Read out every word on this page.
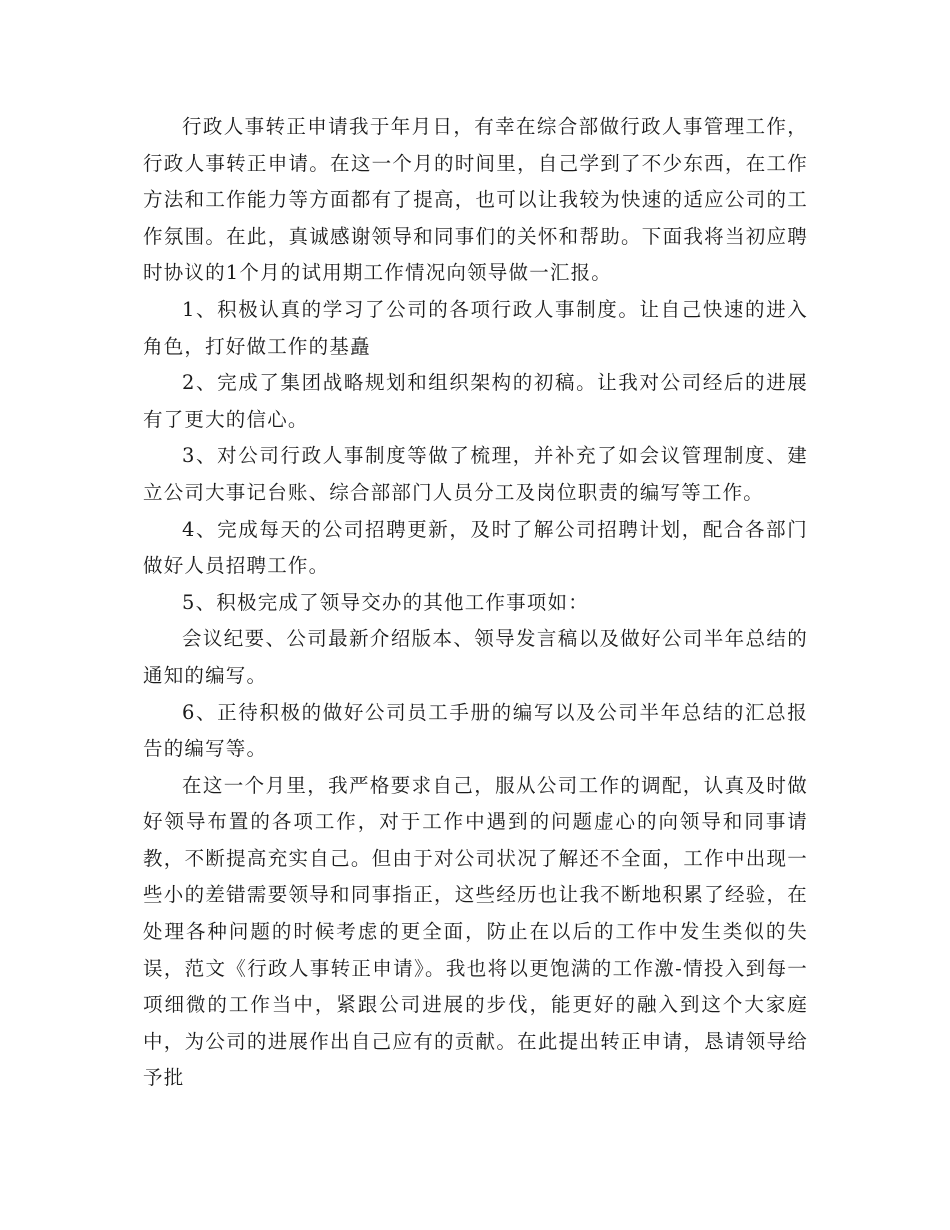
行政人事转正申请我于年月日，有幸在综合部做行政人事管理工作，行政人事转正申请。在这一个月的时间里，自己学到了不少东西，在工作方法和工作能力等方面都有了提高，也可以让我较为快速的适应公司的工作氛围。在此，真诚感谢领导和同事们的关怀和帮助。下面我将当初应聘时协议的1个月的试用期工作情况向领导做一汇报。

1、积极认真的学习了公司的各项行政人事制度。让自己快速的进入角色，打好做工作的基矗

2、完成了集团战略规划和组织架构的初稿。让我对公司经后的进展有了更大的信心。

3、对公司行政人事制度等做了梳理，并补充了如会议管理制度、建立公司大事记台账、综合部部门人员分工及岗位职责的编写等工作。

4、完成每天的公司招聘更新，及时了解公司招聘计划，配合各部门做好人员招聘工作。

5、积极完成了领导交办的其他工作事项如：

会议纪要、公司最新介绍版本、领导发言稿以及做好公司半年总结的通知的编写。

6、正待积极的做好公司员工手册的编写以及公司半年总结的汇总报告的编写等。

在这一个月里，我严格要求自己，服从公司工作的调配，认真及时做好领导布置的各项工作，对于工作中遇到的问题虚心的向领导和同事请教，不断提高充实自己。但由于对公司状况了解还不全面，工作中出现一些小的差错需要领导和同事指正，这些经历也让我不断地积累了经验，在处理各种问题的时候考虑的更全面，防止在以后的工作中发生类似的失误，范文《行政人事转正申请》。我也将以更饱满的工作激-情投入到每一项细微的工作当中，紧跟公司进展的步伐，能更好的融入到这个大家庭中，为公司的进展作出自己应有的贡献。在此提出转正申请，恳请领导给予批
